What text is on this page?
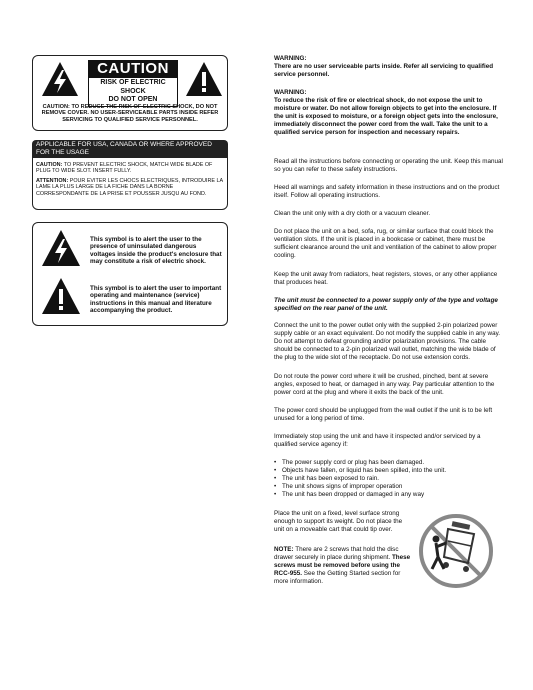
CAUTION
RISK OF ELECTRIC SHOCK
DO NOT OPEN
CAUTION: TO REDUCE THE RISK OF ELECTRIC SHOCK, DO NOT REMOVE COVER. NO USER-SERVICEABLE PARTS INSIDE REFER SERVICING TO QUALIFIED SERVICE PERSONNEL.
APPLICABLE FOR USA, CANADA OR WHERE APPROVED FOR THE USAGE
CAUTION: TO PREVENT ELECTRIC SHOCK, MATCH WIDE BLADE OF PLUG TO WIDE SLOT. INSERT FULLY.
ATTENTION: POUR EVITER LES CHOCS ELECTRIQUES, INTRODUIRE LA LAME LA PLUS LARGE DE LA FICHE DANS LA BORNE CORRESPONDANTE DE LA PRISE ET POUSSER JUSQU AU FOND.
This symbol is to alert the user to the presence of uninsulated dangerous voltages inside the product's enclosure that may constitute a risk of electric shock.
This symbol is to alert the user to important operating and maintenance (service) instructions in this manual and literature accompanying the product.

WARNING:

There are no user serviceable parts inside. Refer all servicing to qualified service personnel.

WARNING:

To reduce the risk of fire or electrical shock, do not expose the unit to moisture or water. Do not allow foreign objects to get into the enclosure. If the unit is exposed to moisture, or a foreign object gets into the enclosure, immediately disconnect the power cord from the wall. Take the unit to a qualified service person for inspection and necessary repairs.

Read all the instructions before connecting or operating the unit. Keep this manual so you can refer to these safety instructions.

Heed all warnings and safety information in these instructions and on the product itself. Follow all operating instructions.

Clean the unit only with a dry cloth or a vacuum cleaner.

Do not place the unit on a bed, sofa, rug, or similar surface that could block the ventilation slots. If the unit is placed in a bookcase or cabinet, there must be sufficient clearance around the unit and ventilation of the cabinet to allow proper cooling.

Keep the unit away from radiators, heat registers, stoves, or any other appliance that produces heat.

The unit must be connected to a power supply only of the type and voltage specified on the rear panel of the unit.

Connect the unit to the power outlet only with the supplied 2-pin polarized power supply cable or an exact equivalent. Do not modify the supplied cable in any way. Do not attempt to defeat grounding and/or polarization provisions. The cable should be connected to a 2-pin polarized wall outlet, matching the wide blade of the plug to the wide slot of the receptacle. Do not use extension cords.

Do not route the power cord where it will be crushed, pinched, bent at severe angles, exposed to heat, or damaged in any way. Pay particular attention to the power cord at the plug and where it exits the back of the unit.

The power cord should be unplugged from the wall outlet if the unit is to be left unused for a long period of time.

Immediately stop using the unit and have it inspected and/or serviced by a qualified service agency if:

• The power supply cord or plug has been damaged.
• Objects have fallen, or liquid has been spilled, into the unit.
• The unit has been exposed to rain.
• The unit shows signs of improper operation
• The unit has been dropped or damaged in any way

Place the unit on a fixed, level surface strong enough to support its weight. Do not place the unit on a moveable cart that could tip over.

NOTE: There are 2 screws that hold the disc drawer securely in place during shipment. These screws must be removed before using the RCC-955. See the Getting Started section for more information.
